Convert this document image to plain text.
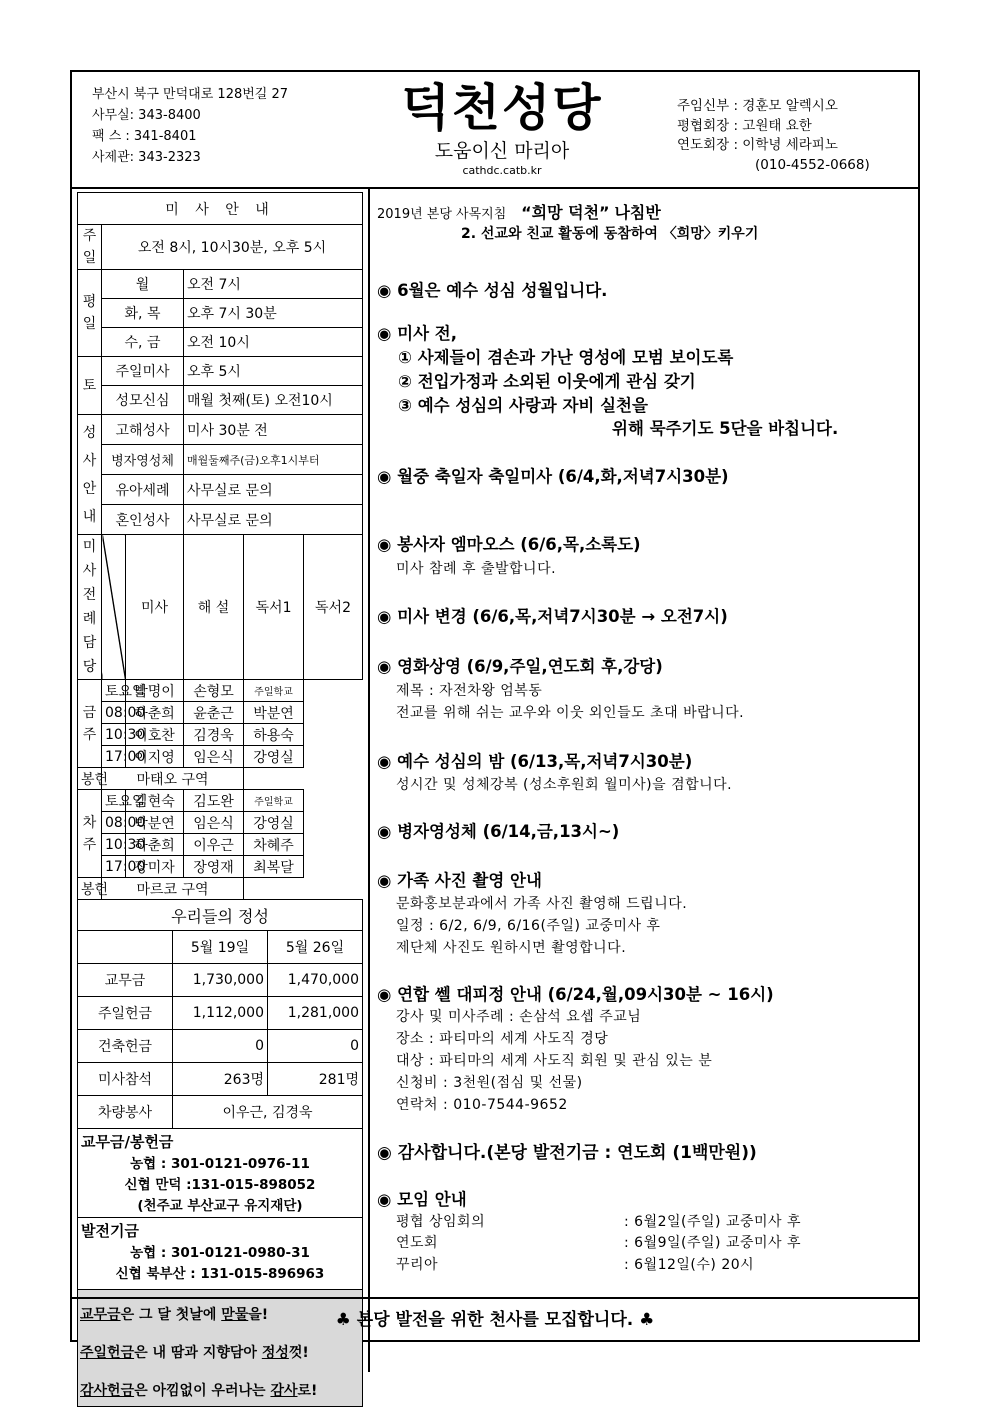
부산시 북구 만덕대로 128번길 27
사무실: 343-8400
팩 스 : 341-8401
사제관: 343-2323
덕천성당
도움이신 마리아
cathdc.catb.kr
주임신부 : 경훈모 알렉시오
평협회장 : 고원태 요한
연도회장 : 이학녕 세라피노
(010-4552-0668)
미 사 안 내		
주일	오전 8시, 10시30분, 오후 5시	
평일	월	오전 7시
	화, 목	오후 7시 30분
	수, 금	오전 10시
토	주일미사	오후 5시
	성모신심	매월 첫째(토) 오전10시
성사안내	고해성사	미사 30분 전
	병자영성체	매월둘째주(금)오후1시부터
	유아세례	사무실로 문의
	혼인성사	사무실로 문의
미사전례담당		미사	해 설	독서1	독서2
금주	토요일	박명이	손형모	주일학교	
	08:00	하춘희	윤춘근	박분연	
	10:30	이호찬	김경욱	하용숙	
	17:00	이지영	임은식	강영실	
봉헌	마태오 구역				
차주	토요일	김현숙	김도완	주일학교	
	08:00	박분연	임은식	강영실	
	10:30	하춘희	이우근	차혜주	
	17:00	장미자	장영재	최복달	
봉헌	마르코 구역				
우리들의 정성		
	5월 19일	5월 26일
교무금	1,730,000	1,470,000
주일헌금	1,112,000	1,281,000
건축헌금	0	0
미사참석	263명	281명
차량봉사	이우근, 김경욱	
교무금/봉헌금
농협 : 301-0121-0976-11
신협 만덕 :131-015-898052
(천주교 부산교구 유지재단)
발전기금
농협 : 301-0121-0980-31
신협 북부산 : 131-015-896963
교무금은 그 달 첫날에 맏물을!
주일헌금은 내 땀과 지향담아 정성껏!
감사헌금은 아낌없이 우러나는 감사로!
2019년 본당 사목지침 “희망 덕천” 나침반
2. 선교와 친교 활동에 동참하여 〈희망〉키우기
◉ 6월은 예수 성심 성월입니다.
◉ 미사 전,
① 사제들이 겸손과 가난 영성에 모범 보이도록
② 전입가정과 소외된 이웃에게 관심 갖기
③ 예수 성심의 사랑과 자비 실천을
위해 묵주기도 5단을 바칩니다.
◉ 월중 축일자 축일미사 (6/4,화,저녁7시30분)
◉ 봉사자 엠마오스 (6/6,목,소록도)
미사 참례 후 출발합니다.
◉ 미사 변경 (6/6,목,저녁7시30분 → 오전7시)
◉ 영화상영 (6/9,주일,연도회 후,강당)
제목 : 자전차왕 엄복동
전교를 위해 쉬는 교우와 이웃 외인들도 초대 바랍니다.
◉ 예수 성심의 밤 (6/13,목,저녁7시30분)
성시간 및 성체강복 (성소후원회 월미사)을 겸합니다.
◉ 병자영성체 (6/14,금,13시~)
◉ 가족 사진 촬영 안내
문화홍보분과에서 가족 사진 촬영해 드립니다.
일정 : 6/2, 6/9, 6/16(주일) 교중미사 후
제단체 사진도 원하시면 촬영합니다.
◉ 연합 쎌 대피정 안내 (6/24,월,09시30분 ~ 16시)
강사 및 미사주례 : 손삼석 요셉 주교님
장소 : 파티마의 세계 사도직 경당
대상 : 파티마의 세계 사도직 회원 및 관심 있는 분
신청비 : 3천원(점심 및 선물)
연락처 : 010-7544-9652
◉ 감사합니다.(본당 발전기금 : 연도회 (1백만원))
◉ 모임 안내
평협 상임회의	: 6월2일(주일) 교중미사 후
연도회	: 6월9일(주일) 교중미사 후
꾸리아	: 6월12일(수) 20시
♣ 본당 발전을 위한 천사를 모집합니다. ♣
